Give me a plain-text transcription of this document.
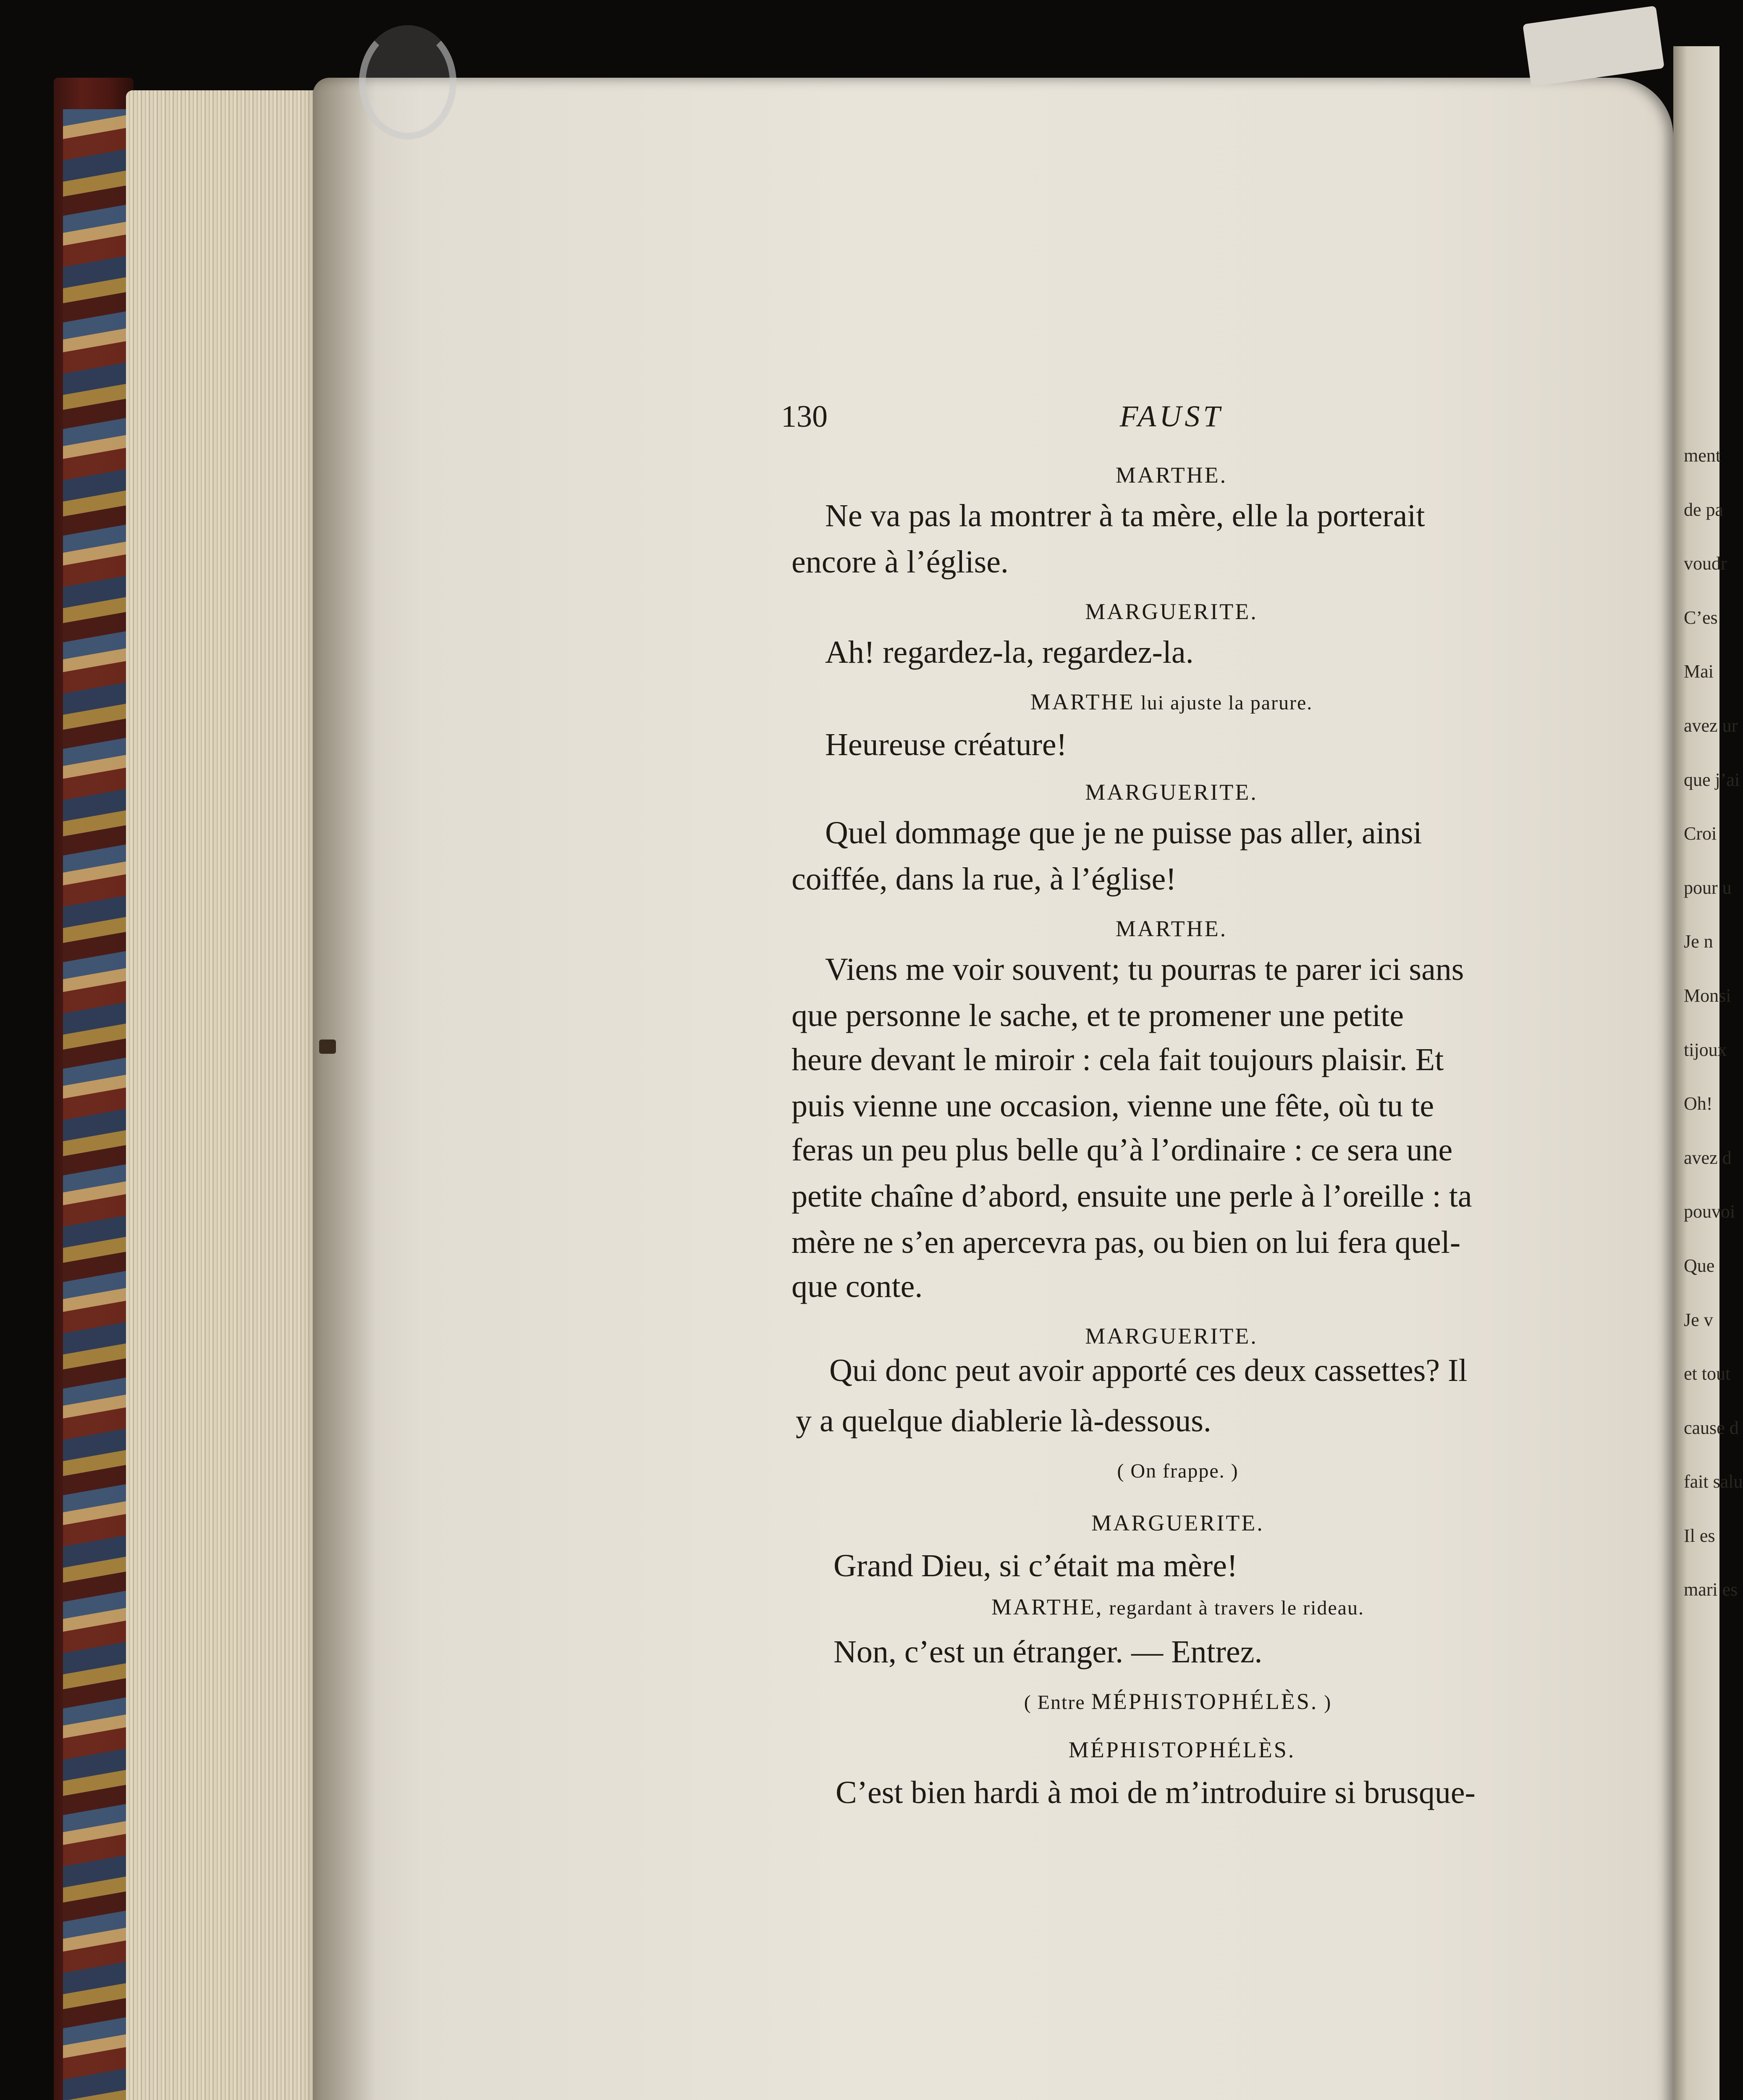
ment
de pa
voudr
C’es
Mai
avez ur
que j’ai
Croi
pour u
Je n
Monsi
tijoux
Oh!
avez d
pouvoi
Que
Je v
et tout
cause d
fait salu
Il es
mari es
130	FAUST
MARTHE.
Ne va pas la montrer à ta mère, elle la porterait
encore à l’église.
MARGUERITE.
Ah! regardez-la, regardez-la.
MARTHE lui ajuste la parure.
Heureuse créature!
MARGUERITE.
Quel dommage que je ne puisse pas aller, ainsi
coiffée, dans la rue, à l’église!
MARTHE.
Viens me voir souvent; tu pourras te parer ici sans
que personne le sache, et te promener une petite
heure devant le miroir : cela fait toujours plaisir. Et
puis vienne une occasion, vienne une fête, où tu te
feras un peu plus belle qu’à l’ordinaire : ce sera une
petite chaîne d’abord, ensuite une perle à l’oreille : ta
mère ne s’en apercevra pas, ou bien on lui fera quel-
que conte.
MARGUERITE.
Qui donc peut avoir apporté ces deux cassettes? Il
y a quelque diablerie là-dessous.
( On frappe. )
MARGUERITE.
Grand Dieu, si c’était ma mère!
MARTHE, regardant à travers le rideau.
Non, c’est un étranger. — Entrez.
( Entre MÉPHISTOPHÉLÈS. )
MÉPHISTOPHÉLÈS.
C’est bien hardi à moi de m’introduire si brusque-
